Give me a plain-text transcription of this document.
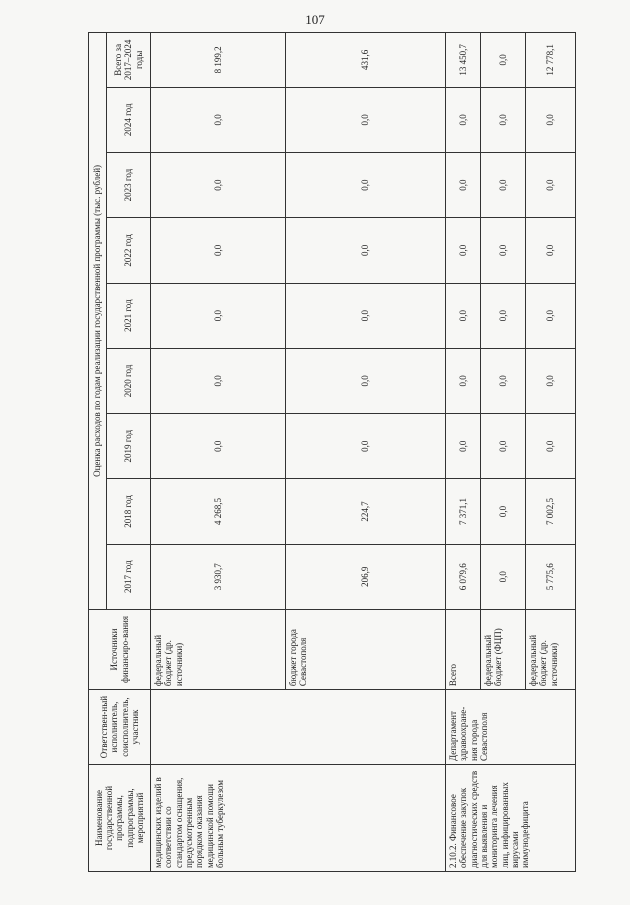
107
Наименование государственной программы, подпрограммы, мероприятий	Ответствен-ный исполнитель, соисполнитель, участник	Источники финансиро-вания	Оценка расходов по годам реализации государственной программы (тыс. рублей)								
			2017 год	2018 год	2019 год	2020 год	2021 год	2022 год	2023 год	2024 год	Всего за 2017–2024 годы
медицинских изделий в соответствии со стандартом оснащения, предусмотренным порядком оказания медицинской помощи больным туберкулезом		федеральный бюджет (др. источники)	3 930,7	4 268,5	0,0	0,0	0,0	0,0	0,0	0,0	8 199,2
		бюджет города Севастополя	206,9	224,7	0,0	0,0	0,0	0,0	0,0	0,0	431,6
2.10.2. Финансовое обеспечение закупок диагностических средств для выявления и мониторинга лечения лиц, инфицированных вирусами иммунодефицита	Департамент здравоохране-ния города Севастополя	Всего	6 079,6	7 371,1	0,0	0,0	0,0	0,0	0,0	0,0	13 450,7
		федеральный бюджет (ФЦП)	0,0	0,0	0,0	0,0	0,0	0,0	0,0	0,0	0,0
		федеральный бюджет (др. источники)	5 775,6	7 002,5	0,0	0,0	0,0	0,0	0,0	0,0	12 778,1
